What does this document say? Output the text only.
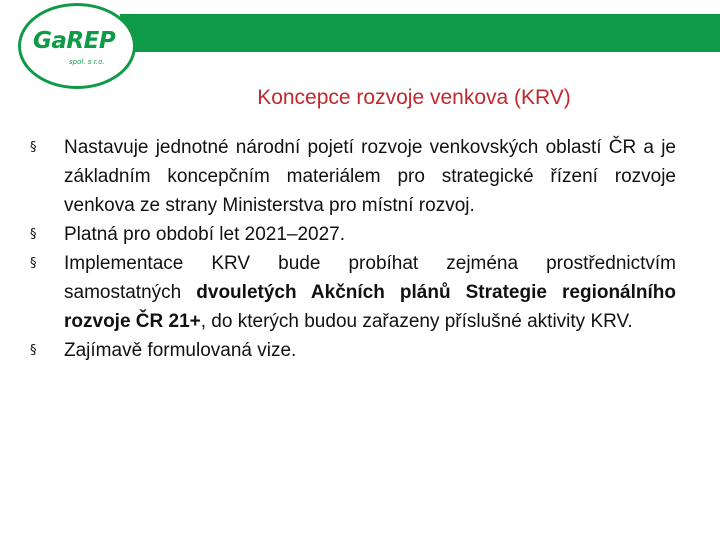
GaREP
spol. s r.o.
Koncepce rozvoje venkova (KRV)
§ Nastavuje jednotné národní pojetí rozvoje venkovských oblastí ČR a je základním koncepčním materiálem pro strategické řízení rozvoje venkova ze strany Ministerstva pro místní rozvoj.
§ Platná pro období let 2021–2027.
§ Implementace KRV bude probíhat zejména prostřednictvím samostatných dvouletých Akčních plánů Strategie regionálního rozvoje ČR 21+, do kterých budou zařazeny příslušné aktivity KRV.
§ Zajímavě formulovaná vize.
